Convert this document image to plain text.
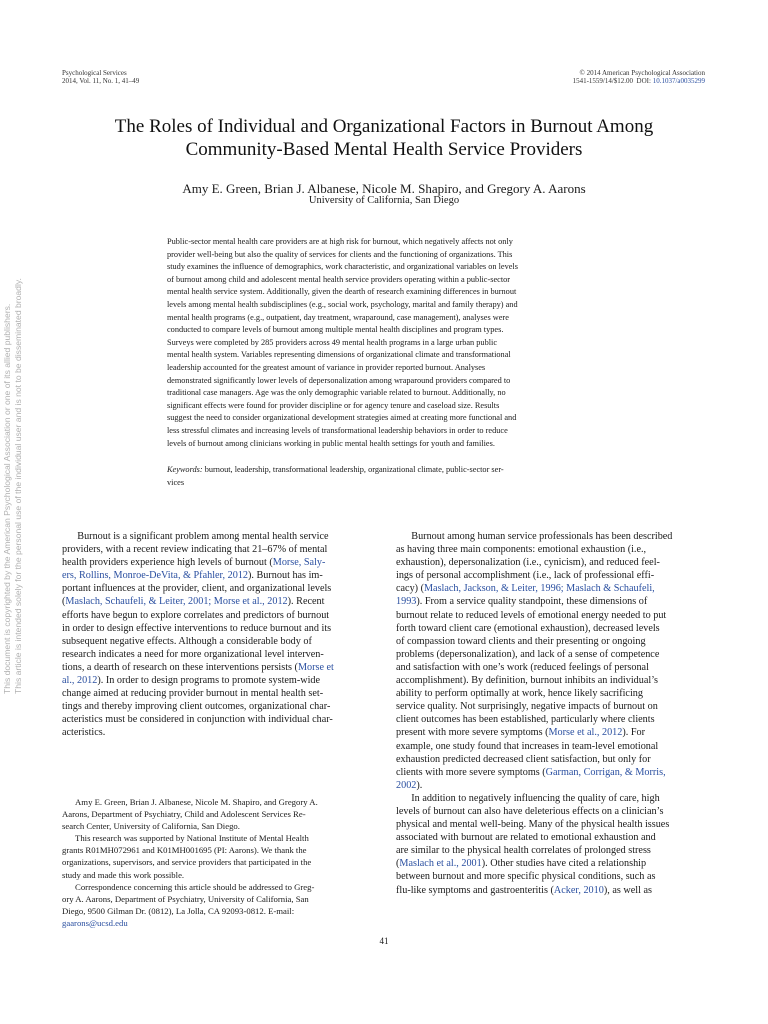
Psychological Services
2014, Vol. 11, No. 1, 41–49
© 2014 American Psychological Association
1541-1559/14/$12.00 DOI: 10.1037/a0035299
The Roles of Individual and Organizational Factors in Burnout Among
Community-Based Mental Health Service Providers
Amy E. Green, Brian J. Albanese, Nicole M. Shapiro, and Gregory A. Aarons
University of California, San Diego
Public-sector mental health care providers are at high risk for burnout, which negatively affects not only
provider well-being but also the quality of services for clients and the functioning of organizations. This
study examines the influence of demographics, work characteristic, and organizational variables on levels
of burnout among child and adolescent mental health service providers operating within a public-sector
mental health service system. Additionally, given the dearth of research examining differences in burnout
levels among mental health subdisciplines (e.g., social work, psychology, marital and family therapy) and
mental health programs (e.g., outpatient, day treatment, wraparound, case management), analyses were
conducted to compare levels of burnout among multiple mental health disciplines and program types.
Surveys were completed by 285 providers across 49 mental health programs in a large urban public
mental health system. Variables representing dimensions of organizational climate and transformational
leadership accounted for the greatest amount of variance in provider reported burnout. Analyses
demonstrated significantly lower levels of depersonalization among wraparound providers compared to
traditional case managers. Age was the only demographic variable related to burnout. Additionally, no
significant effects were found for provider discipline or for agency tenure and caseload size. Results
suggest the need to consider organizational development strategies aimed at creating more functional and
less stressful climates and increasing levels of transformational leadership behaviors in order to reduce
levels of burnout among clinicians working in public mental health settings for youth and families.
Keywords: burnout, leadership, transformational leadership, organizational climate, public-sector ser-
vices
This document is copyrighted by the American Psychological Association or one of its allied publishers. This article is intended solely for the personal use of the individual user and is not to be disseminated broadly.	  Burnout is a significant problem among mental health service
providers, with a recent review indicating that 21–67% of mental
health providers experience high levels of burnout (Morse, Saly-
ers, Rollins, Monroe-DeVita, & Pfahler, 2012). Burnout has im-
portant influences at the provider, client, and organizational levels
(Maslach, Schaufeli, & Leiter, 2001; Morse et al., 2012). Recent
efforts have begun to explore correlates and predictors of burnout
in order to design effective interventions to reduce burnout and its
subsequent negative effects. Although a considerable body of
research indicates a need for more organizational level interven-
tions, a dearth of research on these interventions persists (Morse et
al., 2012). In order to design programs to promote system-wide
change aimed at reducing provider burnout in mental health set-
tings and thereby improving client outcomes, organizational char-
acteristics must be considered in conjunction with individual char-
acteristics.
  Burnout among human service professionals has been described
as having three main components: emotional exhaustion (i.e.,
exhaustion), depersonalization (i.e., cynicism), and reduced feel-
ings of personal accomplishment (i.e., lack of professional effi-
cacy) (Maslach, Jackson, & Leiter, 1996; Maslach & Schaufeli,
1993). From a service quality standpoint, these dimensions of
burnout relate to reduced levels of emotional energy needed to put
forth toward client care (emotional exhaustion), decreased levels
of compassion toward clients and their presenting or ongoing
problems (depersonalization), and lack of a sense of competence
and satisfaction with one’s work (reduced feelings of personal
accomplishment). By definition, burnout inhibits an individual’s
ability to perform optimally at work, hence likely sacrificing
service quality. Not surprisingly, negative impacts of burnout on
client outcomes has been established, particularly where clients
present with more severe symptoms (Morse et al., 2012). For
example, one study found that increases in team-level emotional
exhaustion predicted decreased client satisfaction, but only for
clients with more severe symptoms (Garman, Corrigan, & Morris,
2002).
  In addition to negatively influencing the quality of care, high
levels of burnout can also have deleterious effects on a clinician’s
physical and mental well-being. Many of the physical health issues
associated with burnout are related to emotional exhaustion and
are similar to the physical health correlates of prolonged stress
(Maslach et al., 2001). Other studies have cited a relationship
between burnout and more specific physical conditions, such as
flu-like symptoms and gastroenteritis (Acker, 2010), as well as
  Amy E. Green, Brian J. Albanese, Nicole M. Shapiro, and Gregory A.
Aarons, Department of Psychiatry, Child and Adolescent Services Re-
search Center, University of California, San Diego.
  This research was supported by National Institute of Mental Health
grants R01MH072961 and K01MH001695 (PI: Aarons). We thank the
organizations, supervisors, and service providers that participated in the
study and made this work possible.
  Correspondence concerning this article should be addressed to Greg-
ory A. Aarons, Department of Psychiatry, University of California, San
Diego, 9500 Gilman Dr. (0812), La Jolla, CA 92093-0812. E-mail:
gaarons@ucsd.edu
41
